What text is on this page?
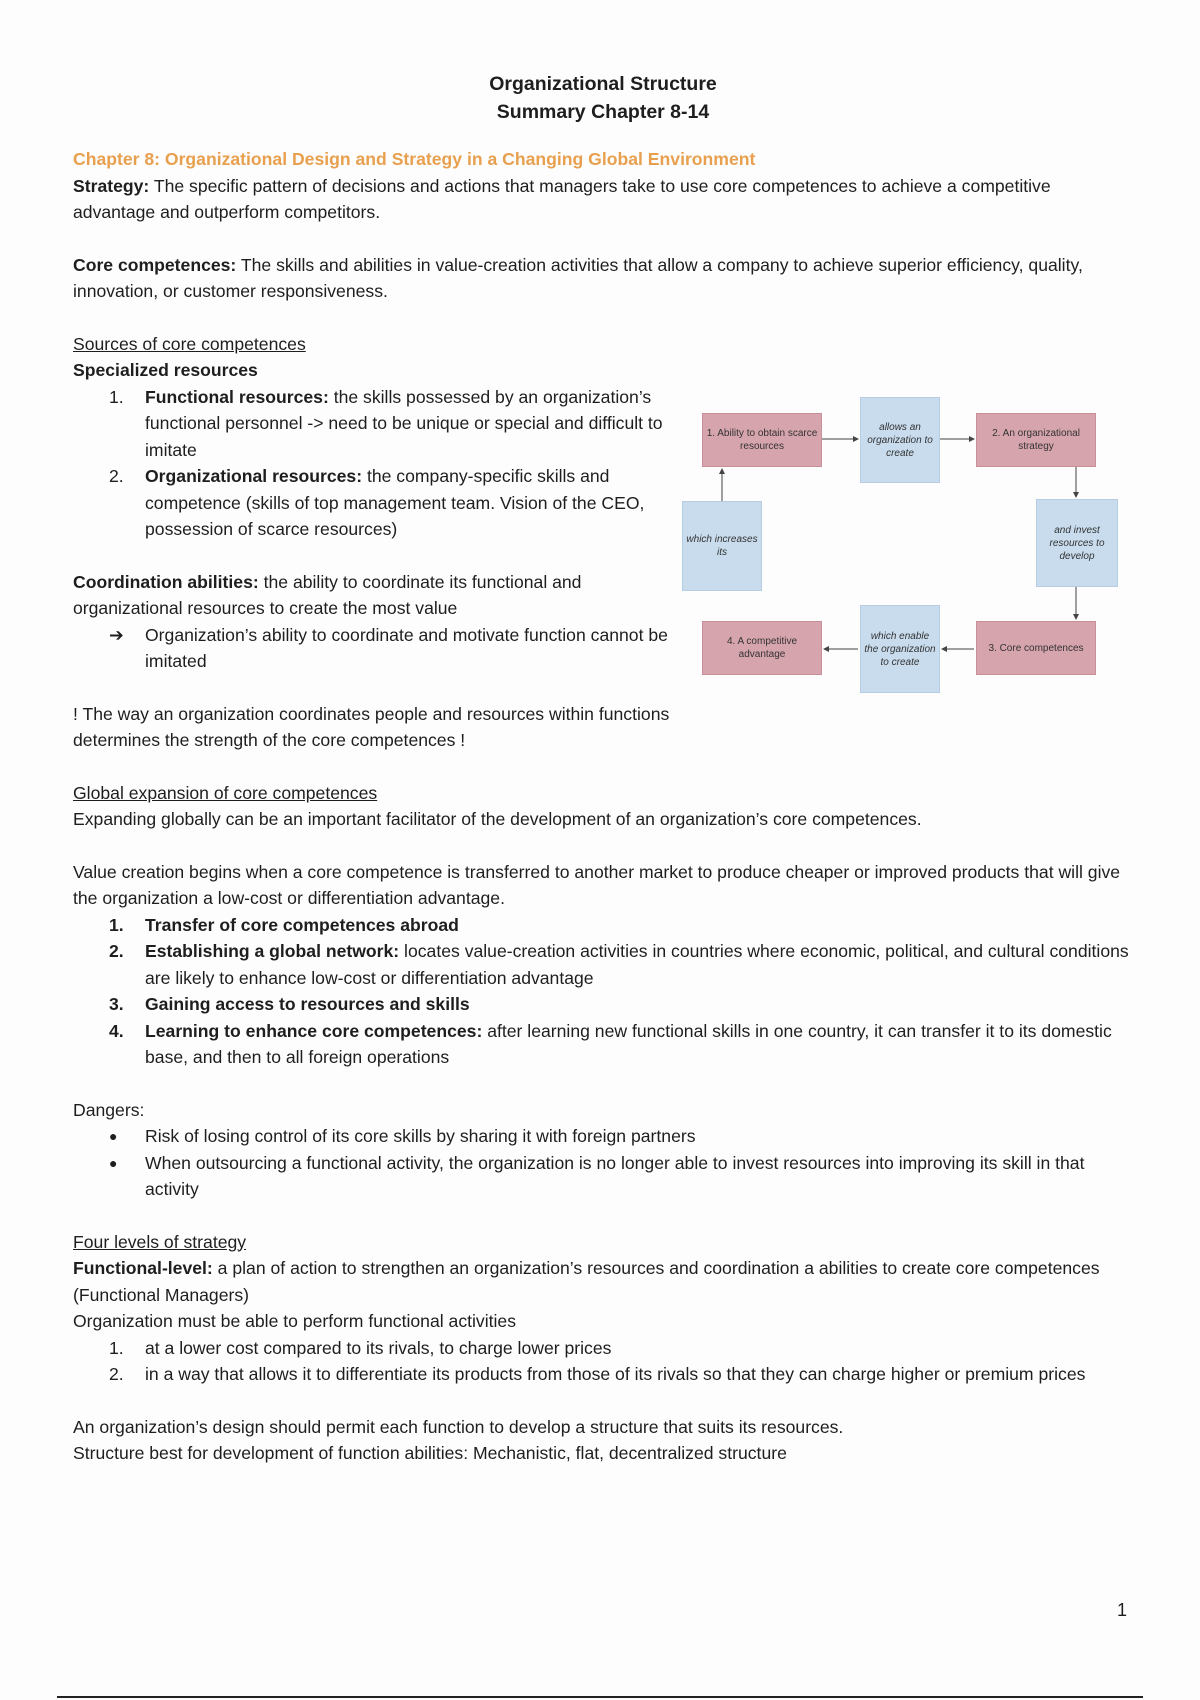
Organizational Structure
Summary Chapter 8-14

Chapter 8: Organizational Design and Strategy in a Changing Global Environment

Strategy: The specific pattern of decisions and actions that managers take to use core competences to achieve a competitive advantage and outperform competitors.

Core competences: The skills and abilities in value-creation activities that allow a company to achieve superior efficiency, quality, innovation, or customer responsiveness.

Sources of core competences

Specialized resources

1. Functional resources: the skills possessed by an organization’s functional personnel -> need to be unique or special and difficult to imitate
2. Organizational resources: the company-specific skills and competence (skills of top management team. Vision of the CEO, possession of scarce resources)

Coordination abilities: the ability to coordinate its functional and organizational resources to create the most value

➔ Organization’s ability to coordinate and motivate function cannot be imitated

! The way an organization coordinates people and resources within functions determines the strength of the core competences !

Global expansion of core competences

Expanding globally can be an important facilitator of the development of an organization’s core competences.

Value creation begins when a core competence is transferred to another market to produce cheaper or improved products that will give the organization a low-cost or differentiation advantage.

1. Transfer of core competences abroad
2. Establishing a global network: locates value-creation activities in countries where economic, political, and cultural conditions are likely to enhance low-cost or differentiation advantage
3. Gaining access to resources and skills
4. Learning to enhance core competences: after learning new functional skills in one country, it can transfer it to its domestic base, and then to all foreign operations

Dangers:

● Risk of losing control of its core skills by sharing it with foreign partners
● When outsourcing a functional activity, the organization is no longer able to invest resources into improving its skill in that activity

Four levels of strategy

Functional-level: a plan of action to strengthen an organization’s resources and coordination a abilities to create core competences (Functional Managers)

Organization must be able to perform functional activities

1. at a lower cost compared to its rivals, to charge lower prices
2. in a way that allows it to differentiate its products from those of its rivals so that they can charge higher or premium prices

An organization’s design should permit each function to develop a structure that suits its resources.

Structure best for development of function abilities: Mechanistic, flat, decentralized structure

1. Ability to obtain scarce resources
allows an organization to create
2. An organizational strategy
and invest resources to develop
3. Core competences
which enable the organization to create
4. A competitive advantage
which increases its
1
